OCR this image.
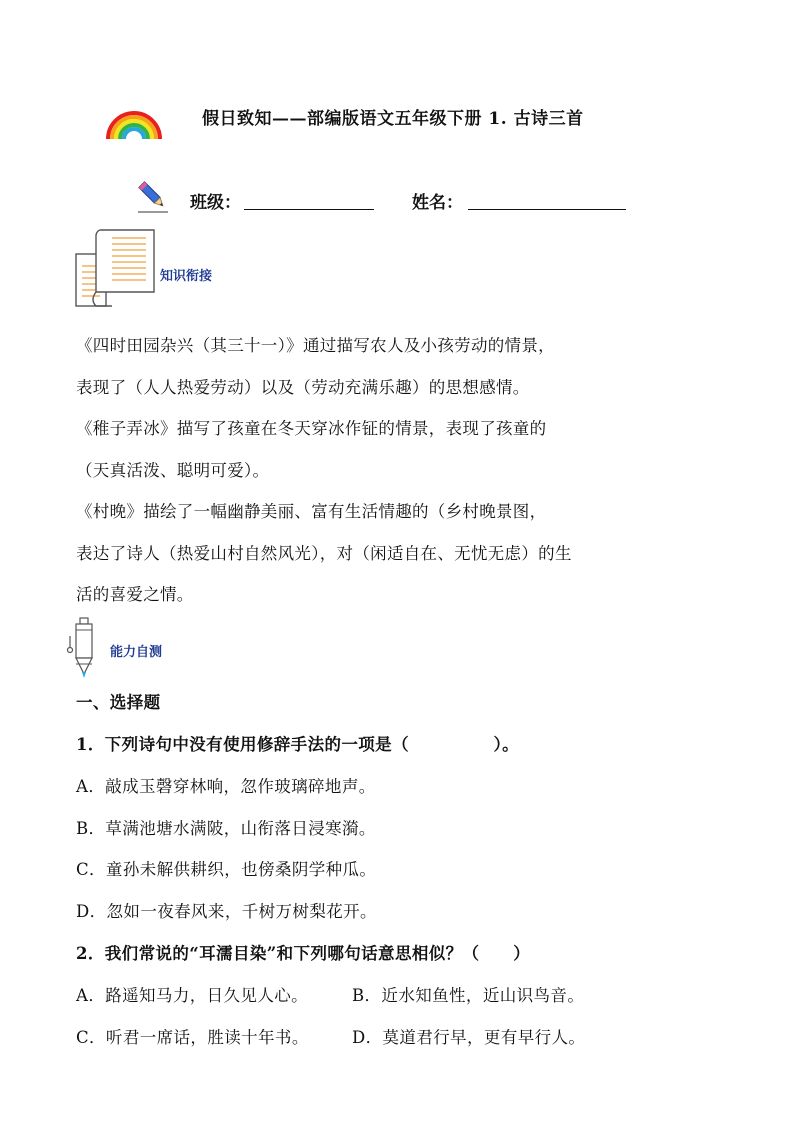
假日致知——部编版语文五年级下册 1. 古诗三首
班级：	姓名：
知识衔接
《四时田园杂兴（其三十一）》通过描写农人及小孩劳动的情景，
表现了（人人热爱劳动）以及（劳动充满乐趣）的思想感情。
《稚子弄冰》描写了孩童在冬天穿冰作钲的情景，表现了孩童的
（天真活泼、聪明可爱）。
《村晚》描绘了一幅幽静美丽、富有生活情趣的（乡村晚景图，
表达了诗人（热爱山村自然风光），对（闲适自在、无忧无虑）的生
活的喜爱之情。
能力自测
一、选择题
1．下列诗句中没有使用修辞手法的一项是（　　　　　）。
A．敲成玉磬穿林响，忽作玻璃碎地声。
B．草满池塘水满陂，山衔落日浸寒漪。
C．童孙未解供耕织，也傍桑阴学种瓜。
D．忽如一夜春风来，千树万树梨花开。
2．我们常说的“耳濡目染”和下列哪句话意思相似？（　　）
A．路遥知马力，日久见人心。	B．近水知鱼性，近山识鸟音。
C．听君一席话，胜读十年书。	D．莫道君行早，更有早行人。
